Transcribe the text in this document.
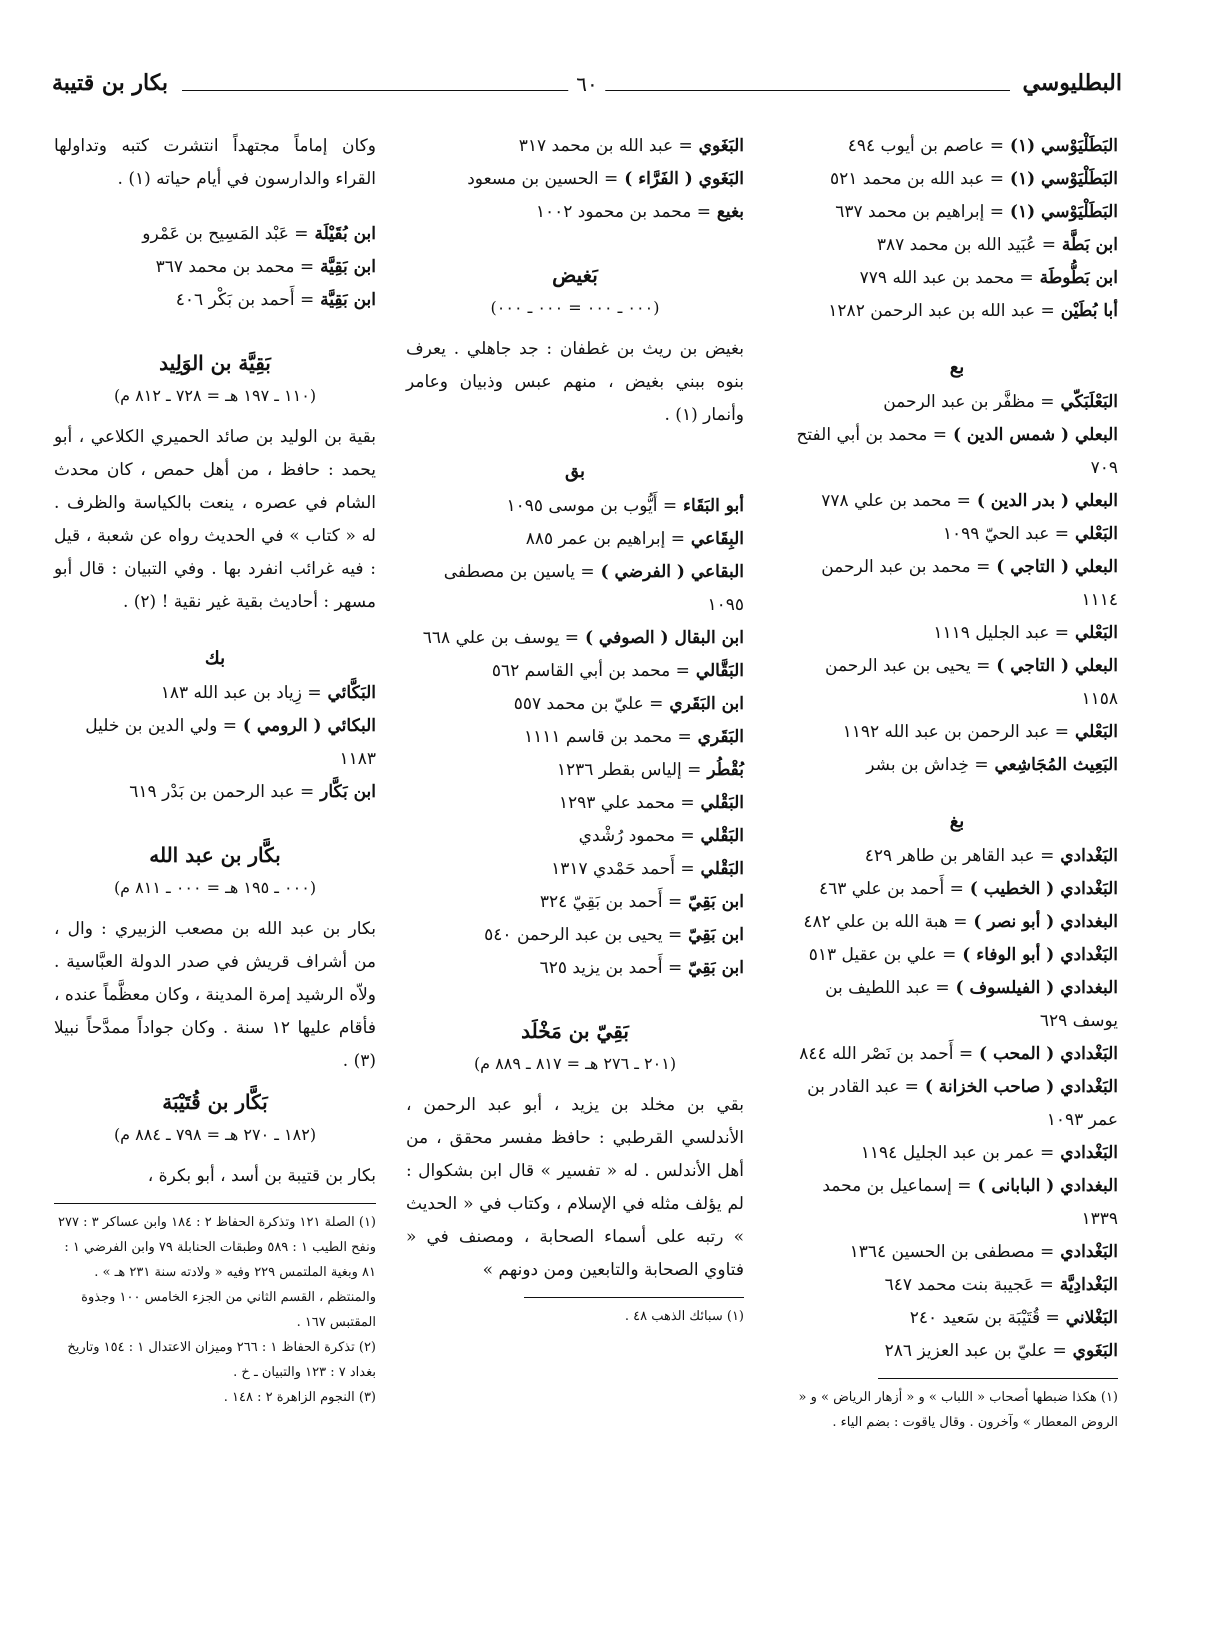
البطليوسي
٦٠
بكار بن قتيبة
البَطَلْيَوْسي (١) = عاصم بن أيوب ٤٩٤
البَطَلْيَوْسي (١) = عبد الله بن محمد ٥٢١
البَطَلْيَوْسي (١) = إبراهيم بن محمد ٦٣٧
ابن بَطَّة = عُبَيد الله بن محمد ٣٨٧
ابن بَطُّوطَة = محمد بن عبد الله ٧٧٩
أبا بُطَيْن = عبد الله بن عبد الرحمن ١٢٨٢
بع
البَعْلَبَكّي = مظفَّر بن عبد الرحمن
البعلي ( شمس الدين ) = محمد بن أبي الفتح ٧٠٩
البعلي ( بدر الدين ) = محمد بن علي ٧٧٨
البَعْلي = عبد الحيّ ١٠٩٩
البعلي ( التاجي ) = محمد بن عبد الرحمن ١١١٤
البَعْلي = عبد الجليل ١١١٩
البعلي ( التاجي ) = يحيى بن عبد الرحمن ١١٥٨
البَعْلي = عبد الرحمن بن عبد الله ١١٩٢
البَعِيث المُجَاشِعي = خِداش بن بشر
بغ
البَغْدادي = عبد القاهر بن طاهر ٤٢٩
البَغْدادي ( الخطيب ) = أَحمد بن علي ٤٦٣
البغدادي ( أبو نصر ) = هبة الله بن علي ٤٨٢
البَغْدادي ( أبو الوفاء ) = علي بن عقيل ٥١٣
البغدادي ( الفيلسوف ) = عبد اللطيف بن يوسف ٦٢٩
البَغْدادي ( المحب ) = أَحمد بن نَصْر الله ٨٤٤
البَغْدادي ( صاحب الخزانة ) = عبد القادر بن عمر ١٠٩٣
البَغْدادي = عمر بن عبد الجليل ١١٩٤
البغدادي ( البابانى ) = إسماعيل بن محمد ١٣٣٩
البَغْدادي = مصطفى بن الحسين ١٣٦٤
البَغْدادِيَّة = عَجيبة بنت محمد ٦٤٧
البَغْلاني = قُتَيْبَة بن سَعيد ٢٤٠
البَغَوي = عليّ بن عبد العزيز ٢٨٦
(١) هكذا ضبطها أصحاب « اللباب » و « أزهار الرياض » و « الروض المعطار » وآخرون . وقال ياقوت : بضم الياء .
البَغَوي = عبد الله بن محمد ٣١٧
البَغَوي ( الفَرَّاء ) = الحسين بن مسعود
بغيع = محمد بن محمود ١٠٠٢
بَغيض
(٠٠٠ ـ ٠٠٠ = ٠٠٠ ـ ٠٠٠)
بغيض بن ريث بن غطفان : جد جاهلي . يعرف بنوه ببني بغيض ، منهم عبس وذبيان وعامر وأنمار (١) .
بق
أبو البَقَاء = أَيُّوب بن موسى ١٠٩٥
البِقَاعي = إبراهيم بن عمر ٨٨٥
البقاعي ( الفرضي ) = ياسين بن مصطفى ١٠٩٥
ابن البقال ( الصوفي ) = يوسف بن علي ٦٦٨
البَقَّالي = محمد بن أبي القاسم ٥٦٢
ابن البَقَري = عليّ بن محمد ٥٥٧
البَقَري = محمد بن قاسم ١١١١
بُقْطُر = إلياس بقطر ١٢٣٦
البَقْلي = محمد علي ١٢٩٣
البَقْلي = محمود رُشْدي
البَقْلي = أَحمد حَمْدي ١٣١٧
ابن بَقِيّ = أَحمد بن بَقِيّ ٣٢٤
ابن بَقِيّ = يحيى بن عبد الرحمن ٥٤٠
ابن بَقِيّ = أَحمد بن يزيد ٦٢٥
بَقِيّ بن مَخْلَد
(٢٠١ ـ ٢٧٦ هـ = ٨١٧ ـ ٨٨٩ م)
بقي بن مخلد بن يزيد ، أبو عبد الرحمن ، الأندلسي القرطبي : حافظ مفسر محقق ، من أهل الأندلس . له « تفسير » قال ابن بشكوال : لم يؤلف مثله في الإسلام ، وكتاب في « الحديث » رتبه على أسماء الصحابة ، ومصنف في « فتاوي الصحابة والتابعين ومن دونهم »
(١) سبائك الذهب ٤٨ .
وكان إماماً مجتهداً انتشرت كتبه وتداولها القراء والدارسون في أيام حياته (١) .
ابن بُقَيْلَة = عَبْد المَسِيح بن عَمْرو
ابن بَقِيَّة = محمد بن محمد ٣٦٧
ابن بَقِيَّة = أَحمد بن بَكْر ٤٠٦
بَقِيَّة بن الوَلِيد
(١١٠ ـ ١٩٧ هـ = ٧٢٨ ـ ٨١٢ م)
بقية بن الوليد بن صائد الحميري الكلاعي ، أبو يحمد : حافظ ، من أهل حمص ، كان محدث الشام في عصره ، ينعت بالكياسة والظرف . له « كتاب » في الحديث رواه عن شعبة ، قيل : فيه غرائب انفرد بها . وفي التبيان : قال أبو مسهر : أحاديث بقية غير نقية ! (٢) .
بك
البَكَّائي = زِياد بن عبد الله ١٨٣
البكائي ( الرومي ) = ولي الدين بن خليل ١١٨٣
ابن بَكَّار = عبد الرحمن بن بَدْر ٦١٩
بكَّار بن عبد الله
(٠٠٠ ـ ١٩٥ هـ = ٠٠٠ ـ ٨١١ م)
بكار بن عبد الله بن مصعب الزبيري : وال ، من أشراف قريش في صدر الدولة العبَّاسية . ولاّه الرشيد إمرة المدينة ، وكان معظَّماً عنده ، فأقام عليها ١٢ سنة . وكان جواداً ممدَّحاً نبيلا (٣) .
بَكَّار بن قُتَيْبَة
(١٨٢ ـ ٢٧٠ هـ = ٧٩٨ ـ ٨٨٤ م)
بكار بن قتيبة بن أسد ، أبو بكرة ،
(١) الصلة ١٢١ وتذكرة الحفاظ ٢ : ١٨٤ وابن عساكر ٣ : ٢٧٧ ونفح الطيب ١ : ٥٨٩ وطبقات الحنابلة ٧٩ وابن الفرضي ١ : ٨١ وبغية الملتمس ٢٢٩ وفيه « ولادته سنة ٢٣١ هـ » . والمنتظم ، القسم الثاني من الجزء الخامس ١٠٠ وجذوة المقتبس ١٦٧ .
(٢) تذكرة الحفاظ ١ : ٢٦٦ وميزان الاعتدال ١ : ١٥٤ وتاريخ بغداد ٧ : ١٢٣ والتبيان ـ خ .
(٣) النجوم الزاهرة ٢ : ١٤٨ .
